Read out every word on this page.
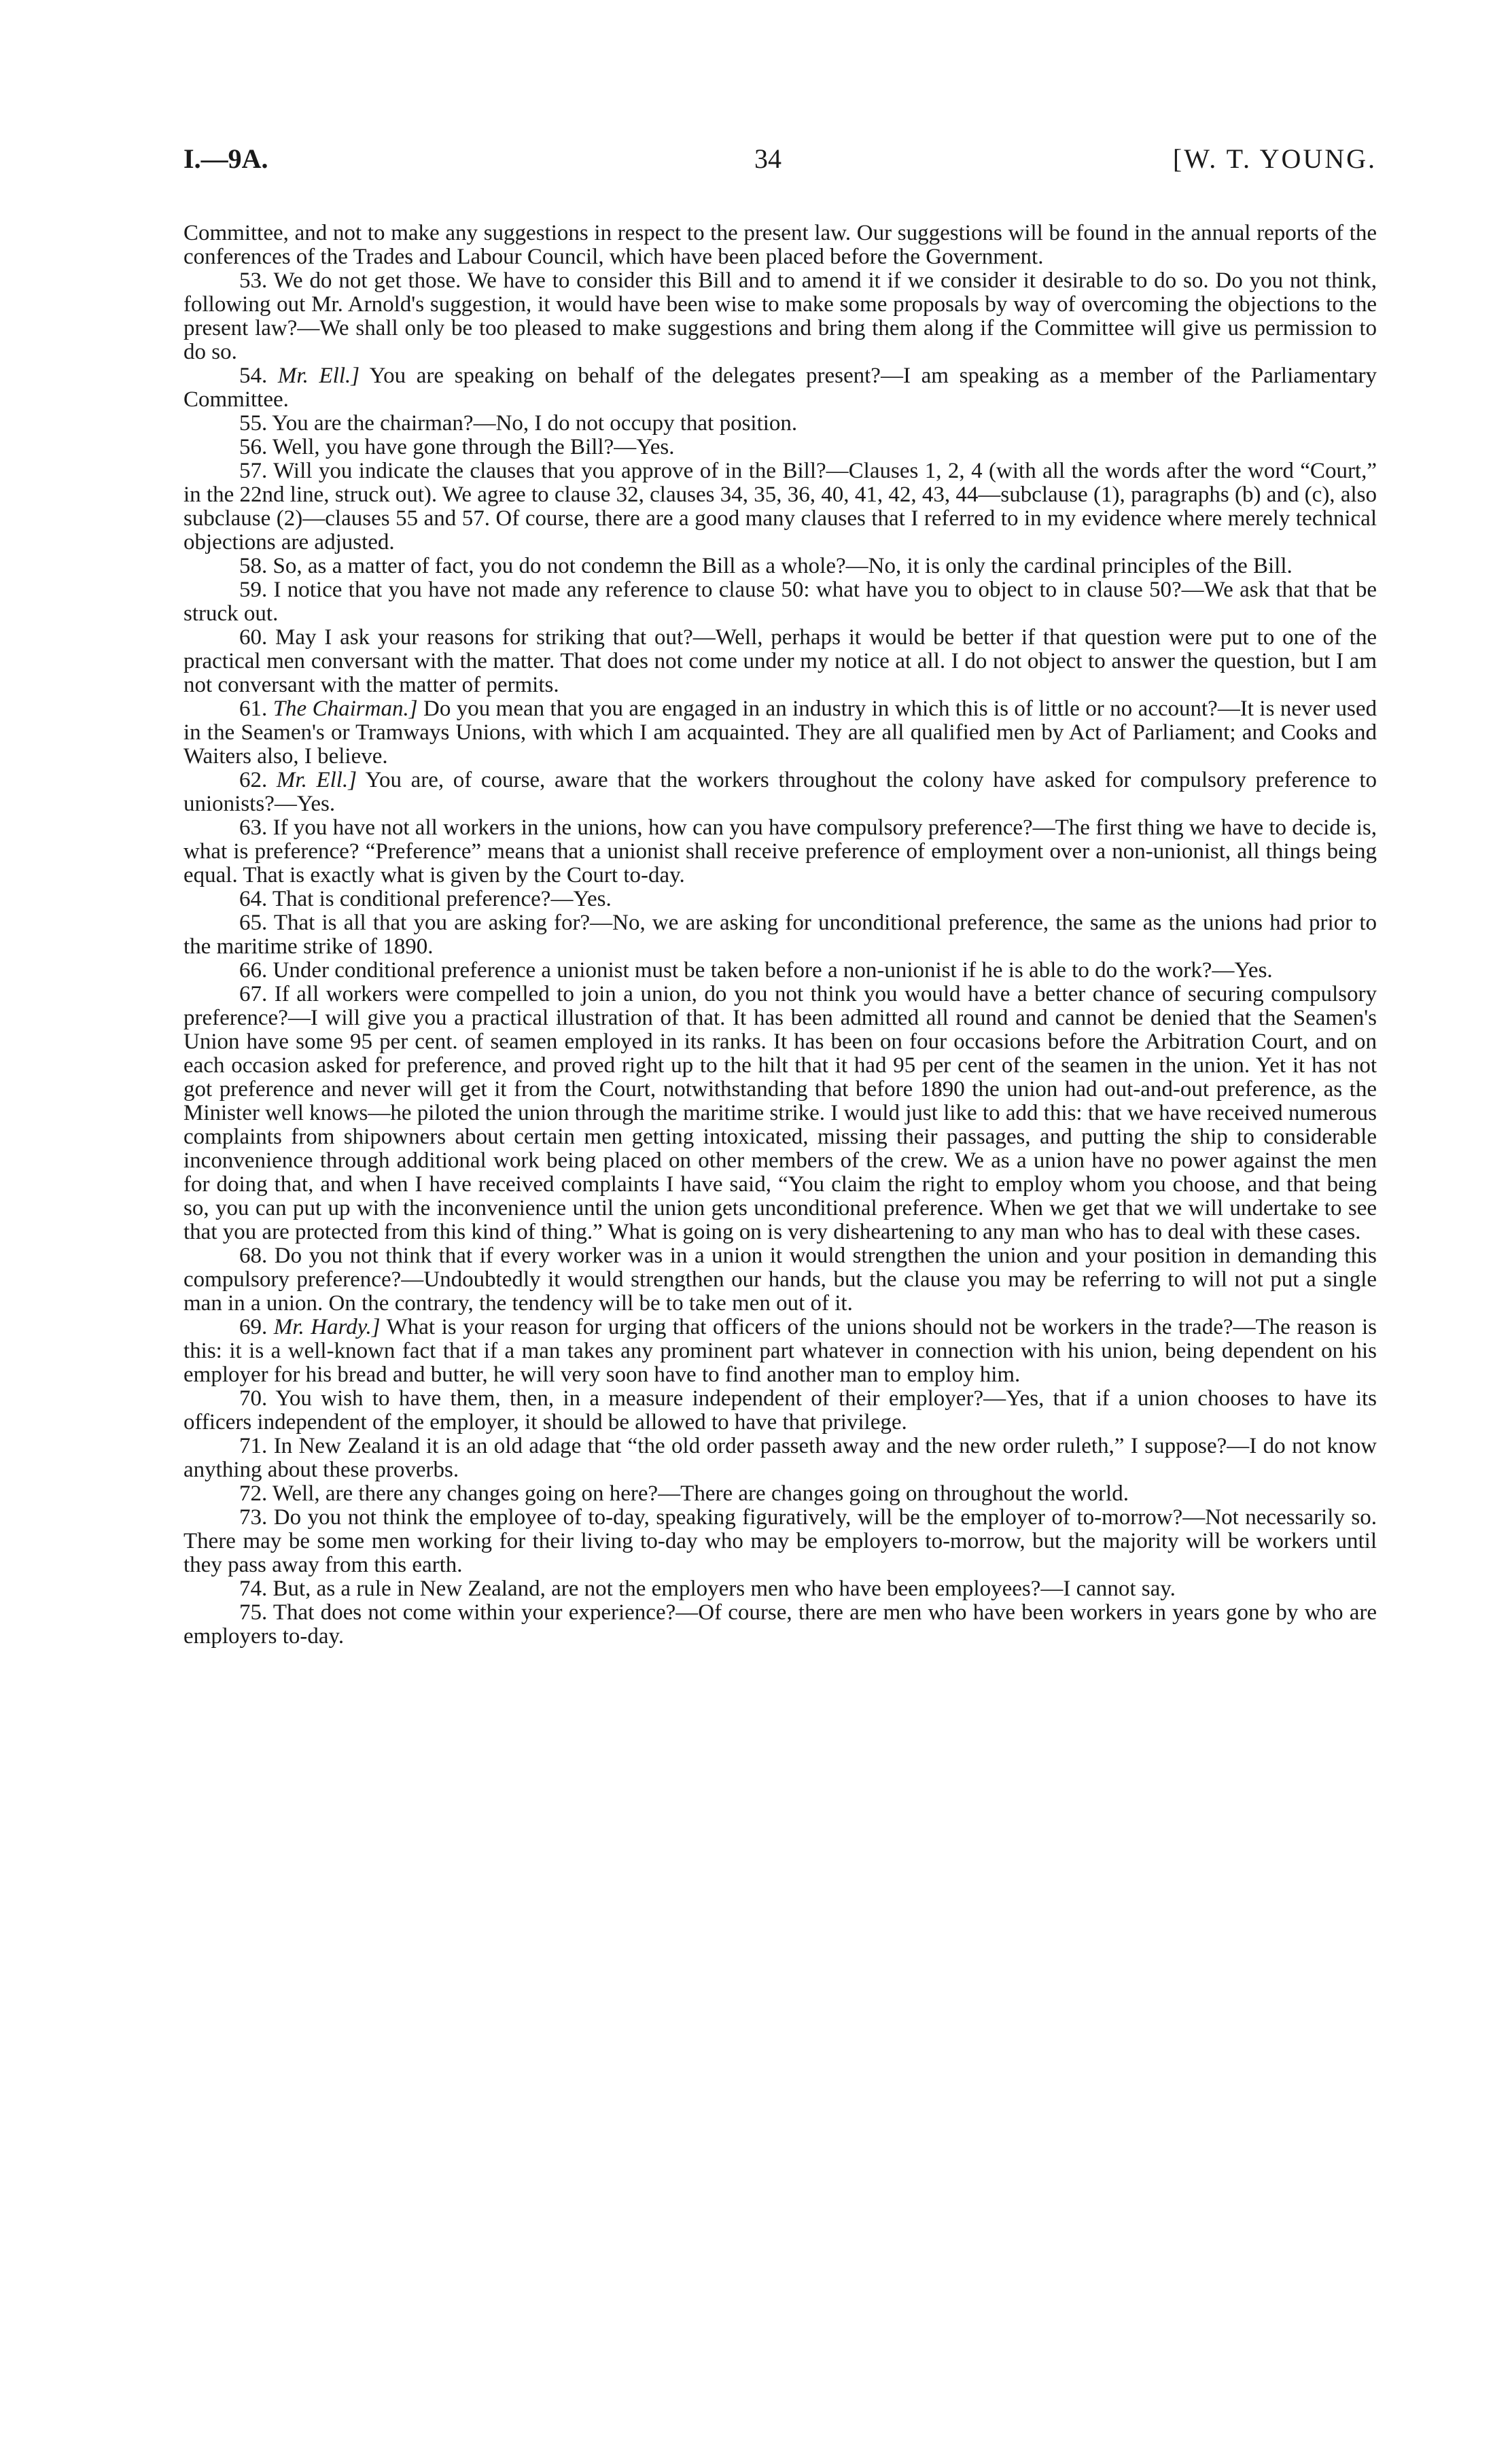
I.—9A.	34	[W. T. YOUNG.

Committee, and not to make any suggestions in respect to the present law. Our suggestions will be found in the annual reports of the conferences of the Trades and Labour Council, which have been placed before the Government.

53. We do not get those. We have to consider this Bill and to amend it if we consider it desirable to do so. Do you not think, following out Mr. Arnold's suggestion, it would have been wise to make some proposals by way of overcoming the objections to the present law?—We shall only be too pleased to make suggestions and bring them along if the Committee will give us permission to do so.

54. Mr. Ell.] You are speaking on behalf of the delegates present?—I am speaking as a member of the Parliamentary Committee.

55. You are the chairman?—No, I do not occupy that position.

56. Well, you have gone through the Bill?—Yes.

57. Will you indicate the clauses that you approve of in the Bill?—Clauses 1, 2, 4 (with all the words after the word “Court,” in the 22nd line, struck out). We agree to clause 32, clauses 34, 35, 36, 40, 41, 42, 43, 44—subclause (1), paragraphs (b) and (c), also subclause (2)—clauses 55 and 57. Of course, there are a good many clauses that I referred to in my evidence where merely technical objections are adjusted.

58. So, as a matter of fact, you do not condemn the Bill as a whole?—No, it is only the cardinal principles of the Bill.

59. I notice that you have not made any reference to clause 50: what have you to object to in clause 50?—We ask that that be struck out.

60. May I ask your reasons for striking that out?—Well, perhaps it would be better if that question were put to one of the practical men conversant with the matter. That does not come under my notice at all. I do not object to answer the question, but I am not conversant with the matter of permits.

61. The Chairman.] Do you mean that you are engaged in an industry in which this is of little or no account?—It is never used in the Seamen's or Tramways Unions, with which I am acquainted. They are all qualified men by Act of Parliament; and Cooks and Waiters also, I believe.

62. Mr. Ell.] You are, of course, aware that the workers throughout the colony have asked for compulsory preference to unionists?—Yes.

63. If you have not all workers in the unions, how can you have compulsory preference?—The first thing we have to decide is, what is preference? “Preference” means that a unionist shall receive preference of employment over a non-unionist, all things being equal. That is exactly what is given by the Court to-day.

64. That is conditional preference?—Yes.

65. That is all that you are asking for?—No, we are asking for unconditional preference, the same as the unions had prior to the maritime strike of 1890.

66. Under conditional preference a unionist must be taken before a non-unionist if he is able to do the work?—Yes.

67. If all workers were compelled to join a union, do you not think you would have a better chance of securing compulsory preference?—I will give you a practical illustration of that. It has been admitted all round and cannot be denied that the Seamen's Union have some 95 per cent. of seamen employed in its ranks. It has been on four occasions before the Arbitration Court, and on each occasion asked for preference, and proved right up to the hilt that it had 95 per cent of the seamen in the union. Yet it has not got preference and never will get it from the Court, notwithstanding that before 1890 the union had out-and-out preference, as the Minister well knows—he piloted the union through the maritime strike. I would just like to add this: that we have received numerous complaints from shipowners about certain men getting intoxicated, missing their passages, and putting the ship to considerable inconvenience through additional work being placed on other members of the crew. We as a union have no power against the men for doing that, and when I have received complaints I have said, “You claim the right to employ whom you choose, and that being so, you can put up with the inconvenience until the union gets unconditional preference. When we get that we will undertake to see that you are protected from this kind of thing.” What is going on is very disheartening to any man who has to deal with these cases.

68. Do you not think that if every worker was in a union it would strengthen the union and your position in demanding this compulsory preference?—Undoubtedly it would strengthen our hands, but the clause you may be referring to will not put a single man in a union. On the contrary, the tendency will be to take men out of it.

69. Mr. Hardy.] What is your reason for urging that officers of the unions should not be workers in the trade?—The reason is this: it is a well-known fact that if a man takes any prominent part whatever in connection with his union, being dependent on his employer for his bread and butter, he will very soon have to find another man to employ him.

70. You wish to have them, then, in a measure independent of their employer?—Yes, that if a union chooses to have its officers independent of the employer, it should be allowed to have that privilege.

71. In New Zealand it is an old adage that “the old order passeth away and the new order ruleth,” I suppose?—I do not know anything about these proverbs.

72. Well, are there any changes going on here?—There are changes going on throughout the world.

73. Do you not think the employee of to-day, speaking figuratively, will be the employer of to-morrow?—Not necessarily so. There may be some men working for their living to-day who may be employers to-morrow, but the majority will be workers until they pass away from this earth.

74. But, as a rule in New Zealand, are not the employers men who have been employees?—I cannot say.

75. That does not come within your experience?—Of course, there are men who have been workers in years gone by who are employers to-day.
